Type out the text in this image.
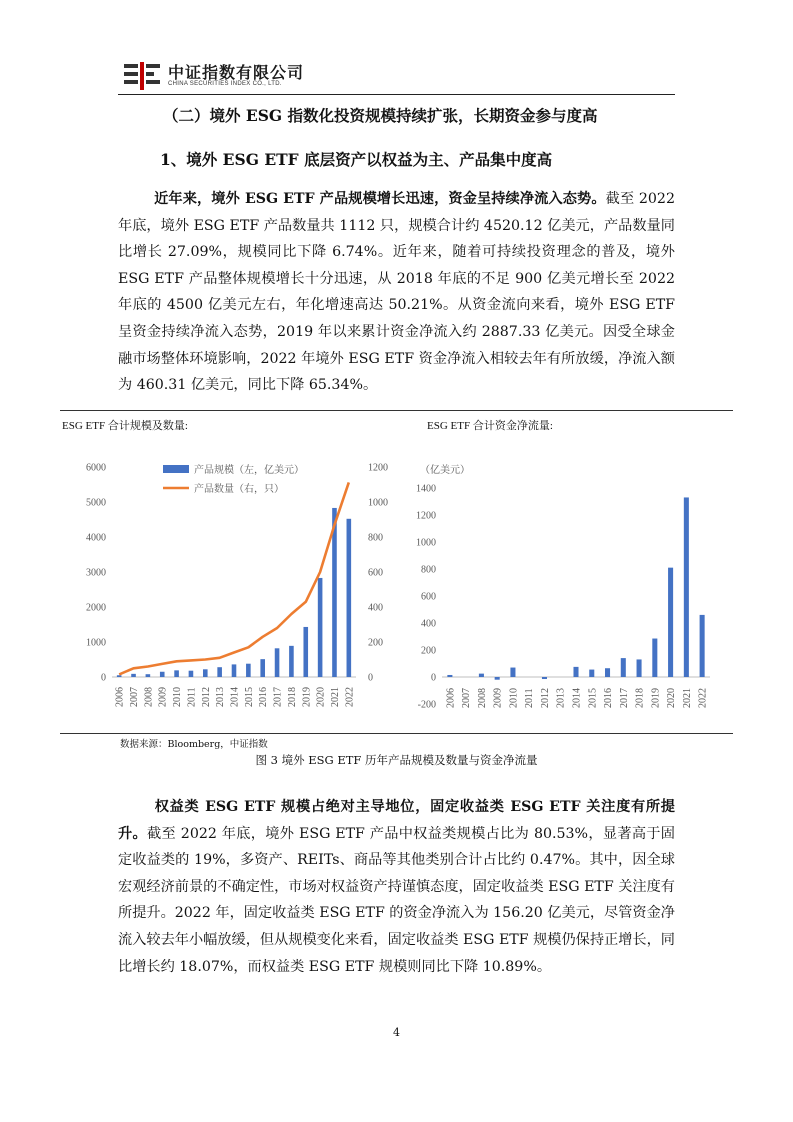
中证指数有限公司
CHINA SECURITIES INDEX CO., LTD.
（二）境外 ESG 指数化投资规模持续扩张，长期资金参与度高
1、境外 ESG ETF 底层资产以权益为主、产品集中度高

近年来，境外 ESG ETF 产品规模增长迅速，资金呈持续净流入态势。截至 2022 年底，境外 ESG ETF 产品数量共 1112 只，规模合计约 4520.12 亿美元，产品数量同比增长 27.09%，规模同比下降 6.74%。近年来，随着可持续投资理念的普及，境外 ESG ETF 产品整体规模增长十分迅速，从 2018 年底的不足 900 亿美元增长至 2022 年底的 4500 亿美元左右，年化增速高达 50.21%。从资金流向来看，境外 ESG ETF 呈资金持续净流入态势，2019 年以来累计资金净流入约 2887.33 亿美元。因受全球金融市场整体环境影响，2022 年境外 ESG ETF 资金净流入相较去年有所放缓，净流入额为 460.31 亿美元，同比下降 65.34%。

ESG ETF 合计规模及数量:	ESG ETF 合计资金净流量:
0
1000
2000
3000
4000
5000
6000
0
200
400
600
800
1000
1200
2006 2007 2008 2009 2010 2011 2012 2013 2014 2015 2016 2017 2018 2019 2020 2021 2022
产品规模（左，亿美元）
产品数量（右，只）
（亿美元）
-200
0
200
400
600
800
1000
1200
1400
2006 2007 2008 2009 2010 2011 2012 2013 2014 2015 2016 2017 2018 2019 2020 2021 2022
数据来源：Bloomberg，中证指数
图 3 境外 ESG ETF 历年产品规模及数量与资金净流量

权益类 ESG ETF 规模占绝对主导地位，固定收益类 ESG ETF 关注度有所提升。截至 2022 年底，境外 ESG ETF 产品中权益类规模占比为 80.53%，显著高于固定收益类的 19%，多资产、REITs、商品等其他类别合计占比约 0.47%。其中，因全球宏观经济前景的不确定性，市场对权益资产持谨慎态度，固定收益类 ESG ETF 关注度有所提升。2022 年，固定收益类 ESG ETF 的资金净流入为 156.20 亿美元，尽管资金净流入较去年小幅放缓，但从规模变化来看，固定收益类 ESG ETF 规模仍保持正增长，同比增长约 18.07%，而权益类 ESG ETF 规模则同比下降 10.89%。

4
